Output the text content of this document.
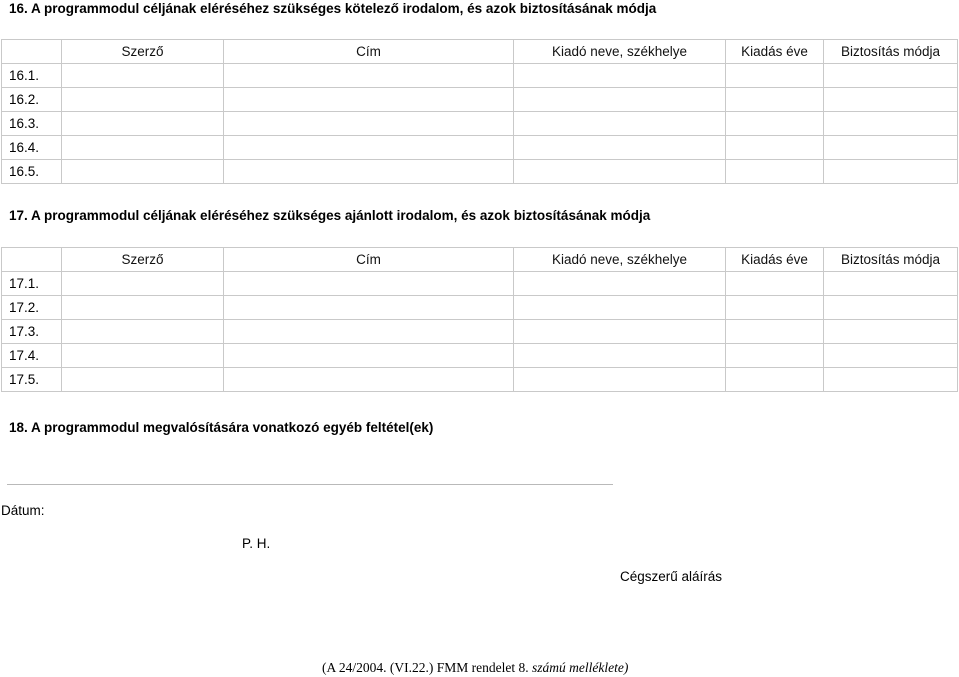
16. A programmodul céljának eléréséhez szükséges kötelező irodalom, és azok biztosításának módja
	Szerző	Cím	Kiadó neve, székhelye	Kiadás éve	Biztosítás módja
16.1.					
16.2.					
16.3.					
16.4.					
16.5.					
17. A programmodul céljának eléréséhez szükséges ajánlott irodalom, és azok biztosításának módja
	Szerző	Cím	Kiadó neve, székhelye	Kiadás éve	Biztosítás módja
17.1.					
17.2.					
17.3.					
17.4.					
17.5.					
18. A programmodul megvalósítására vonatkozó egyéb feltétel(ek)
Dátum:
P. H.
Cégszerű aláírás
(A 24/2004. (VI.22.) FMM rendelet 8. számú melléklete)
